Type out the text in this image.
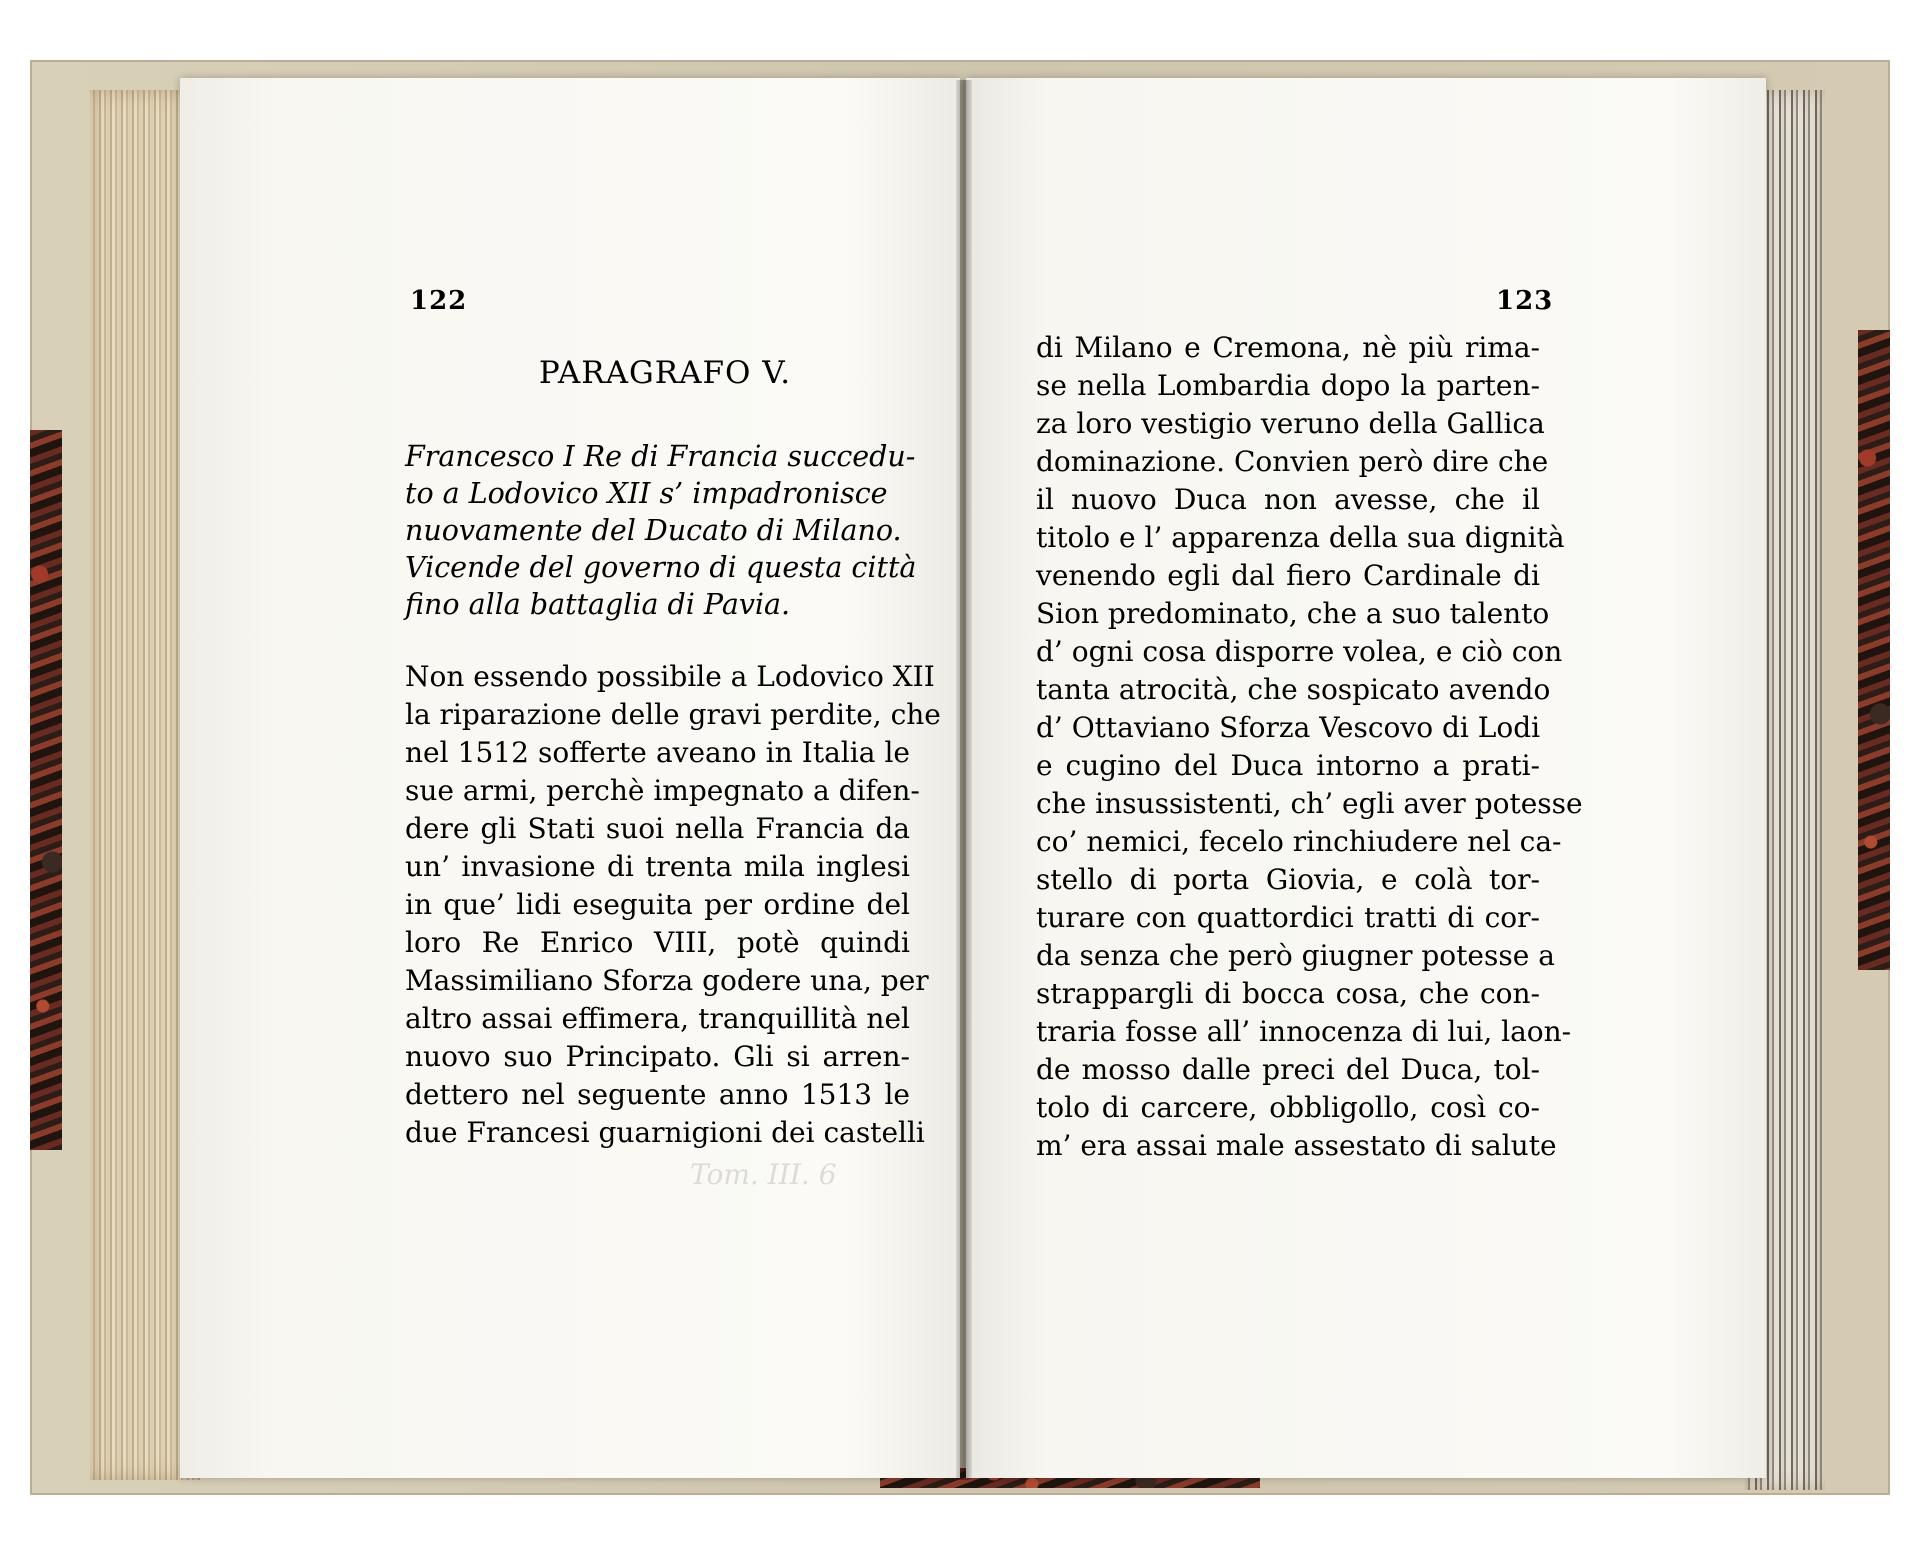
Tom. III. 6
122	123
PARAGRAFO V.
Francesco I Re di Francia succedu-
to a Lodovico XII s’ impadronisce
nuovamente del Ducato di Milano.
Vicende del governo di questa città
fino alla battaglia di Pavia.
Non essendo possibile a Lodovico XII
la riparazione delle gravi perdite, che
nel 1512 sofferte aveano in Italia le
sue armi, perchè impegnato a difen-
dere gli Stati suoi nella Francia da
un’ invasione di trenta mila inglesi
in que’ lidi eseguita per ordine del
loro Re Enrico VIII, potè quindi
Massimiliano Sforza godere una, per
altro assai effimera, tranquillità nel
nuovo suo Principato. Gli si arren-
dettero nel seguente anno 1513 le
due Francesi guarnigioni dei castelli
di Milano e Cremona, nè più rima-
se nella Lombardia dopo la parten-
za loro vestigio veruno della Gallica
dominazione. Convien però dire che
il nuovo Duca non avesse, che il
titolo e l’ apparenza della sua dignità
venendo egli dal fiero Cardinale di
Sion predominato, che a suo talento
d’ ogni cosa disporre volea, e ciò con
tanta atrocità, che sospicato avendo
d’ Ottaviano Sforza Vescovo di Lodi
e cugino del Duca intorno a prati-
che insussistenti, ch’ egli aver potesse
co’ nemici, fecelo rinchiudere nel ca-
stello di porta Giovia, e colà tor-
turare con quattordici tratti di cor-
da senza che però giugner potesse a
strappargli di bocca cosa, che con-
traria fosse all’ innocenza di lui, laon-
de mosso dalle preci del Duca, tol-
tolo di carcere, obbligollo, così co-
m’ era assai male assestato di salute
